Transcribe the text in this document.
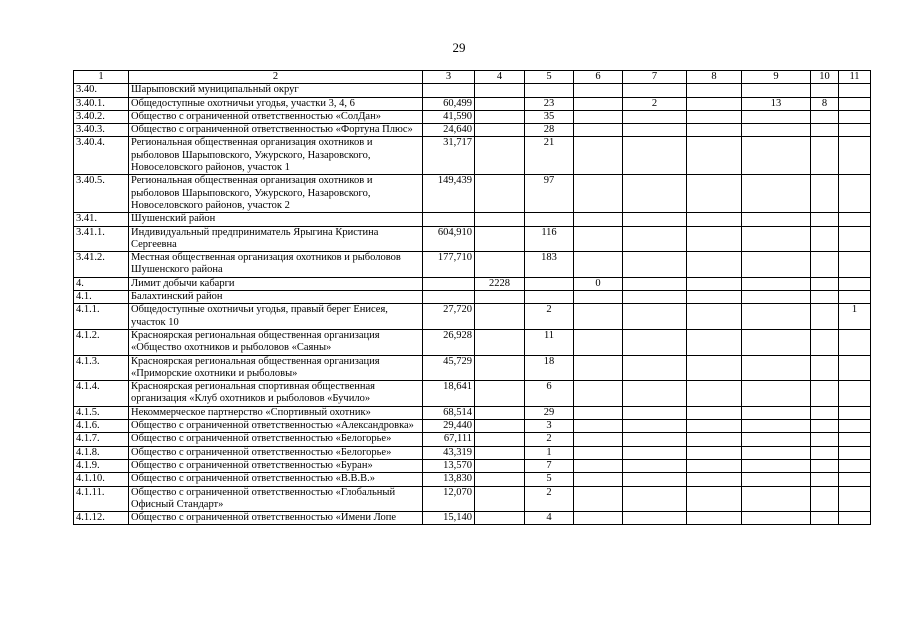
29
1	2	3	4	5	6	7	8	9	10	11
3.40.	Шарыповский муниципальный округ									
3.40.1.	Общедоступные охотничьи угодья, участки 3, 4, 6	60,499		23		2		13	8	
3.40.2.	Общество с ограниченной ответственностью «СолДан»	41,590		35						
3.40.3.	Общество с ограниченной ответственностью «Фортуна Плюс»	24,640		28						
3.40.4.	Региональная общественная организация охотников и рыболовов Шарыповского, Ужурского, Назаровского, Новоселовского районов, участок 1	31,717		21						
3.40.5.	Региональная общественная организация охотников и рыболовов Шарыповского, Ужурского, Назаровского, Новоселовского районов, участок 2	149,439		97						
3.41.	Шушенский район									
3.41.1.	Индивидуальный предприниматель Ярыгина Кристина Сергеевна	604,910		116						
3.41.2.	Местная общественная организация охотников и рыболовов Шушенского района	177,710		183						
4.	Лимит добычи кабарги		2228		0					
4.1.	Балахтинский район									
4.1.1.	Общедоступные охотничьи угодья, правый берег Енисея, участок 10	27,720		2						1
4.1.2.	Красноярская региональная общественная организация «Общество охотников и рыболовов «Саяны»	26,928		11						
4.1.3.	Красноярская региональная общественная организация «Приморские охотники и рыболовы»	45,729		18						
4.1.4.	Красноярская региональная спортивная общественная организация «Клуб охотников и рыболовов «Бучило»	18,641		6						
4.1.5.	Некоммерческое партнерство «Спортивный охотник»	68,514		29						
4.1.6.	Общество с ограниченной ответственностью «Александровка»	29,440		3						
4.1.7.	Общество с ограниченной ответственностью «Белогорье»	67,111		2						
4.1.8.	Общество с ограниченной ответственностью «Белогорье»	43,319		1						
4.1.9.	Общество с ограниченной ответственностью «Буран»	13,570		7						
4.1.10.	Общество с ограниченной ответственностью «В.В.В.»	13,830		5						
4.1.11.	Общество с ограниченной ответственностью «Глобальный Офисный Стандарт»	12,070		2						
4.1.12.	Общество с ограниченной ответственностью «Имени Лопе	15,140		4						
